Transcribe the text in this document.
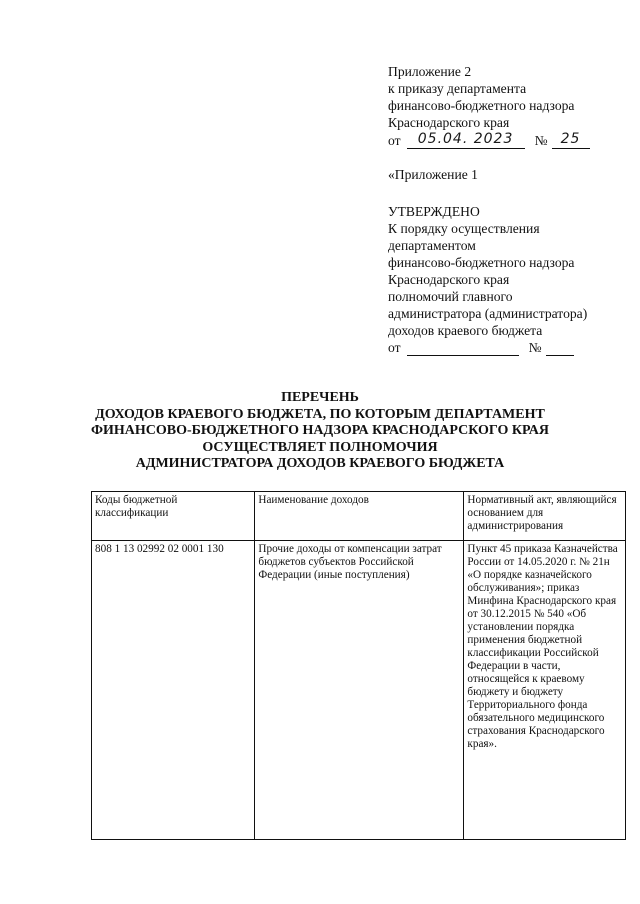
Приложение 2
к приказу департамента
финансово-бюджетного надзора
Краснодарского края
от	05.04. 2023	№ 25
«Приложение 1
УТВЕРЖДЕНО
К порядку осуществления
департаментом
финансово-бюджетного надзора
Краснодарского края
полномочий главного
администратора (администратора)
доходов краевого бюджета
от	№
ПЕРЕЧЕНЬ
ДОХОДОВ КРАЕВОГО БЮДЖЕТА, ПО КОТОРЫМ ДЕПАРТАМЕНТ
ФИНАНСОВО-БЮДЖЕТНОГО НАДЗОРА КРАСНОДАРСКОГО КРАЯ
ОСУЩЕСТВЛЯЕТ ПОЛНОМОЧИЯ
АДМИНИСТРАТОРА ДОХОДОВ КРАЕВОГО БЮДЖЕТА
Коды бюджетной классификации	Наименование доходов	Нормативный акт, являющийся основанием для администрирования
808 1 13 02992 02 0001 130	Прочие доходы от компенсации затрат бюджетов субъектов Российской Федерации (иные поступления)	Пункт 45 приказа Казначейства России от 14.05.2020 г. № 21н «О порядке казначейского обслуживания»; приказ Минфина Краснодарского края от 30.12.2015 № 540 «Об установлении порядка применения бюджетной классификации Российской Федерации в части, относящейся к краевому бюджету и бюджету Территориального фонда обязательного медицинского страхования Краснодарского края».
